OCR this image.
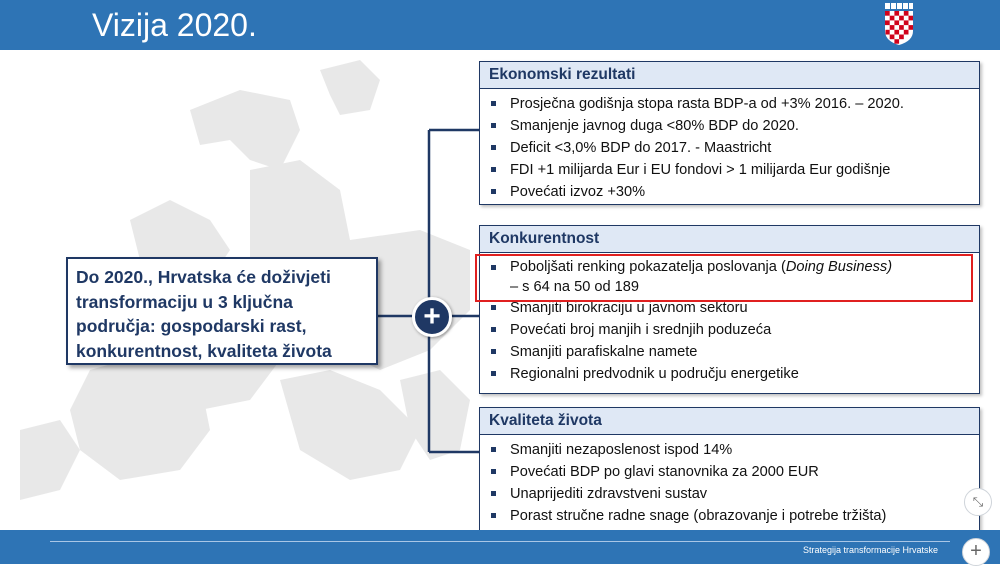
Vizija 2020.
Do 2020., Hrvatska će doživjeti transformaciju u 3 ključna područja: gospodarski rast, konkurentnost, kvaliteta života
+
Ekonomski rezultati
Prosječna godišnja stopa rasta BDP-a od +3% 2016. – 2020.
Smanjenje javnog duga <80% BDP do 2020.
Deficit <3,0% BDP do 2017. - Maastricht
FDI +1 milijarda Eur i EU fondovi > 1 milijarda Eur godišnje
Povećati izvoz +30%
Konkurentnost
Poboljšati renking pokazatelja poslovanja (Doing Business)
– s 64 na 50 od 189
Smanjiti birokraciju u javnom sektoru
Povećati broj manjih i srednjih poduzeća
Smanjiti parafiskalne namete
Regionalni predvodnik u području energetike
Kvaliteta života
Smanjiti nezaposlenost ispod 14%
Povećati BDP po glavi stanovnika za 2000 EUR
Unaprijediti zdravstveni sustav
Porast stručne radne snage (obrazovanje i potrebe tržišta)
Strategija transformacije Hrvatske
⤡
+
